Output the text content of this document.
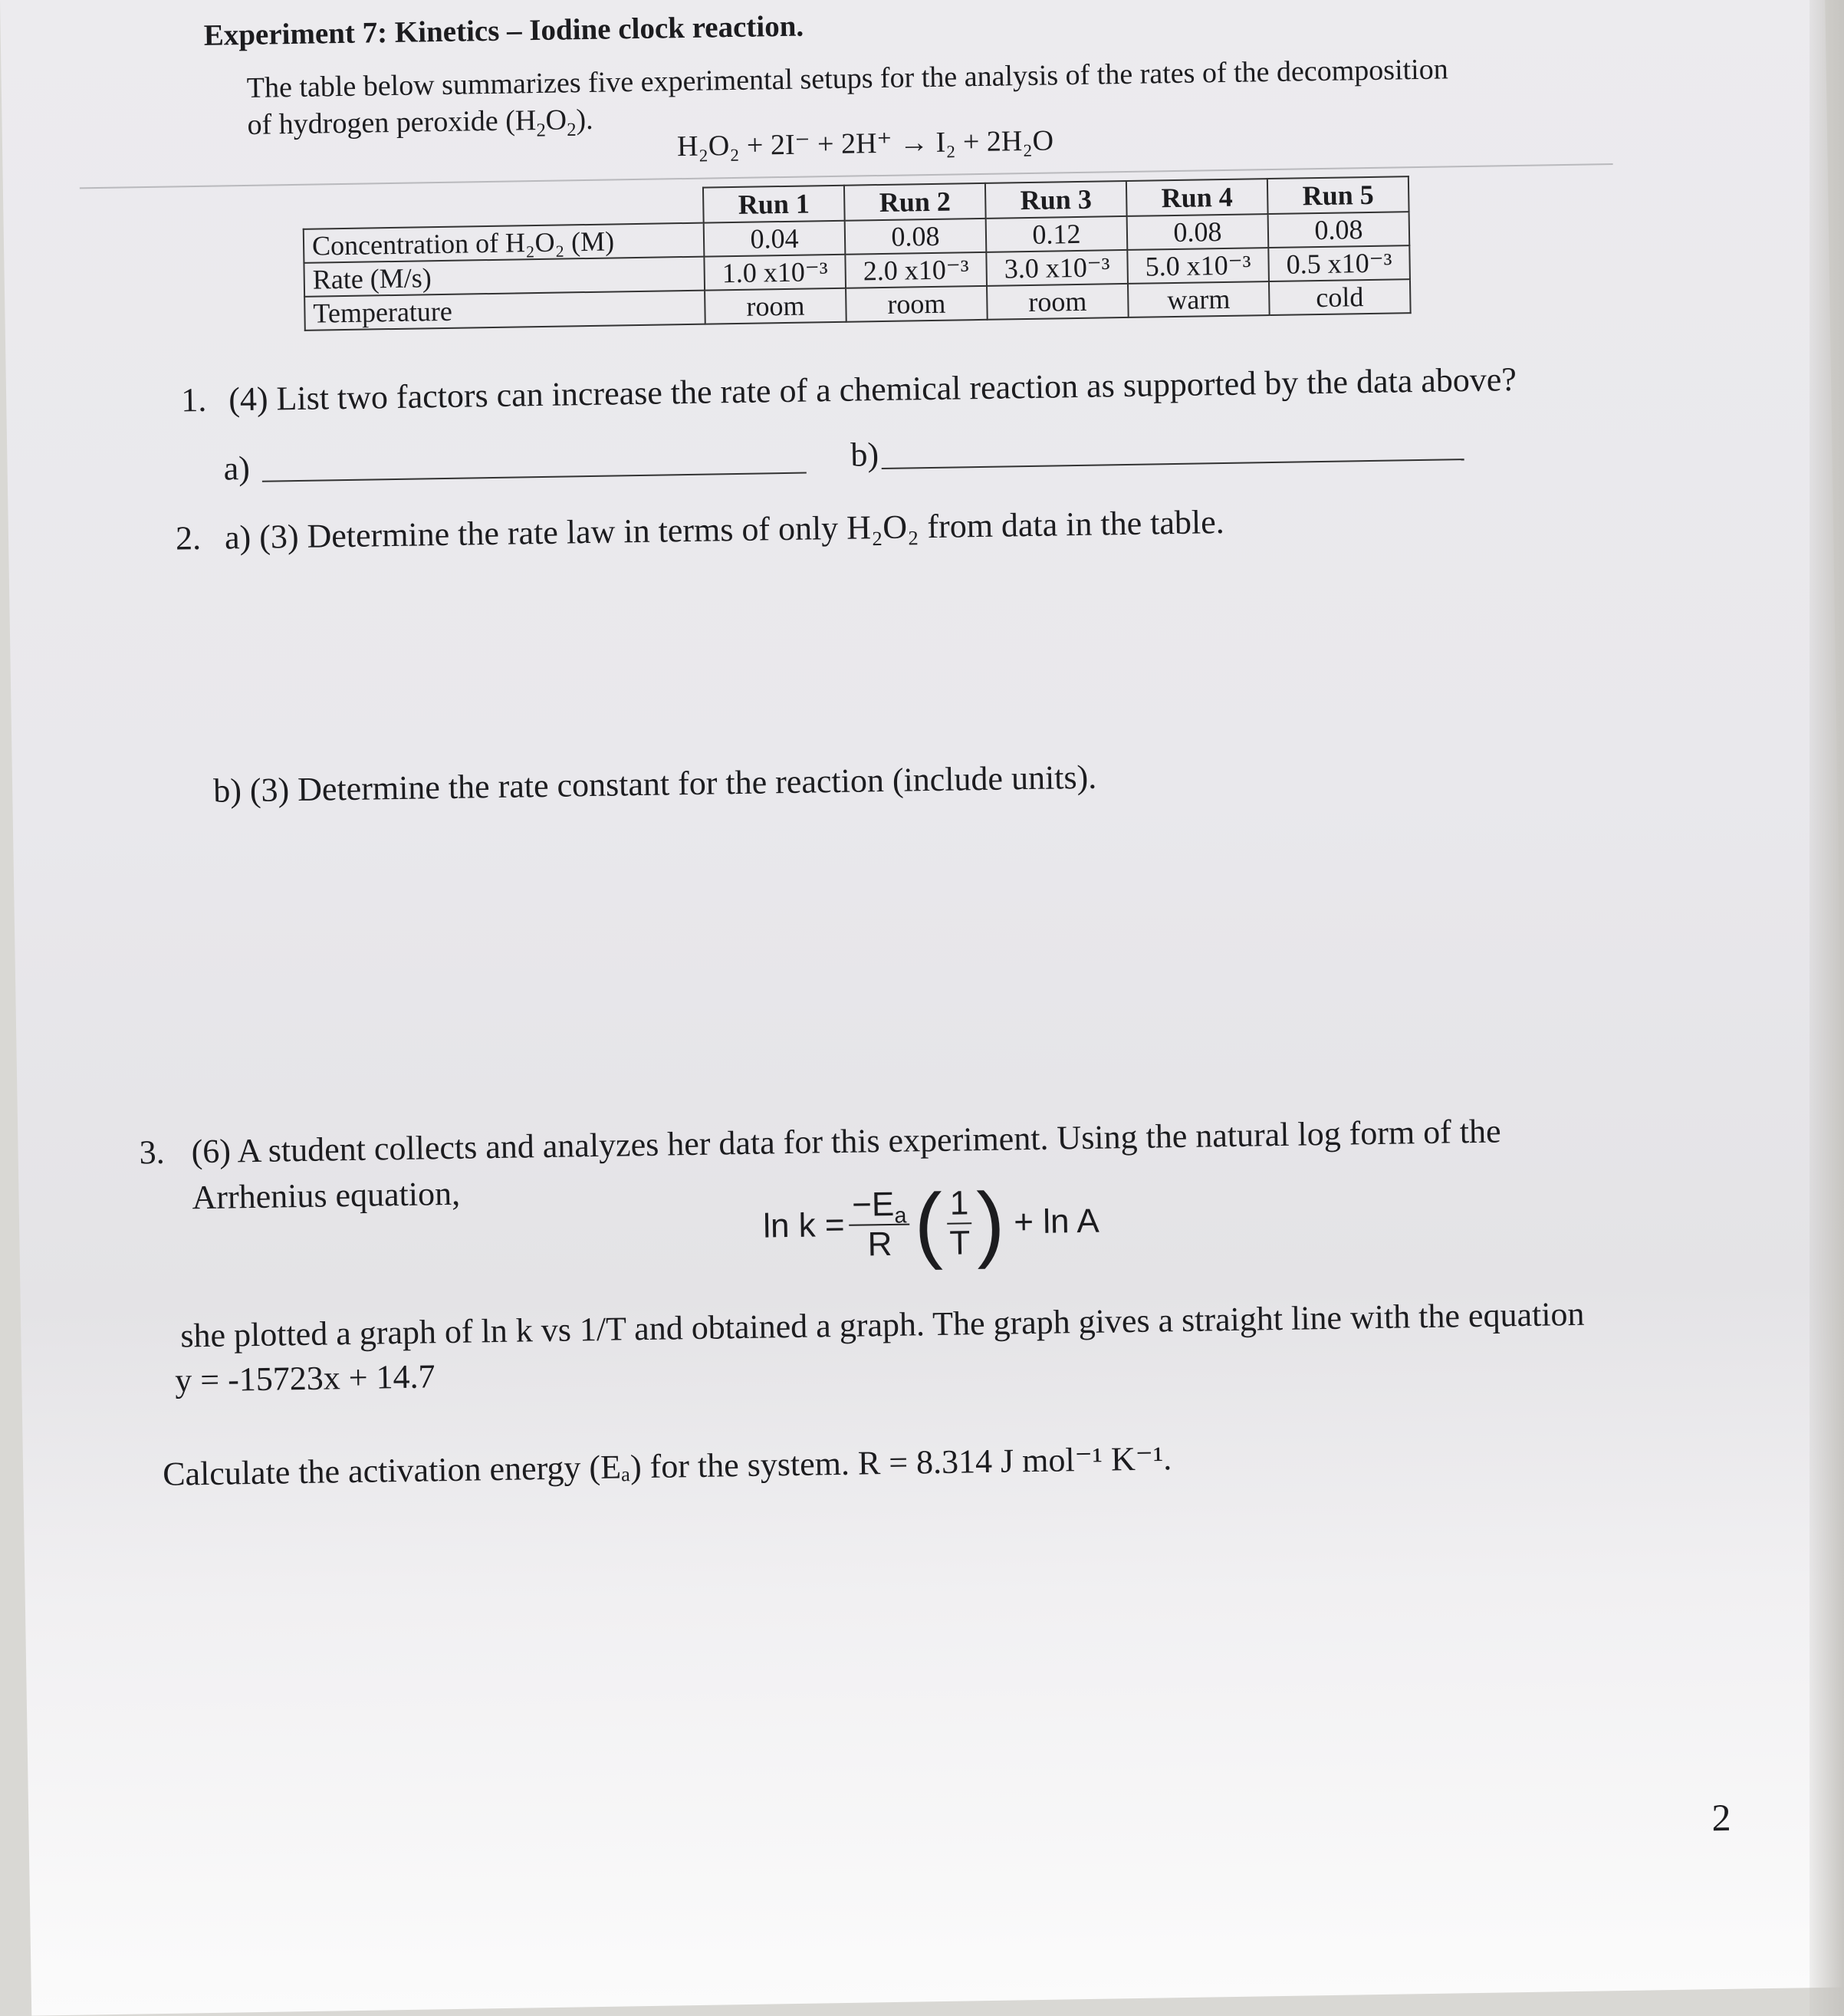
Experiment 7: Kinetics – Iodine clock reaction.
The table below summarizes five experimental setups for the analysis of the rates of the decomposition
of hydrogen peroxide $(H_2O_2)$.
H₂O₂ + 2I⁻ + 2H⁺ → I₂ + 2H₂O
	Run 1	Run 2	Run 3	Run 4	Run 5
Concentration of H₂O₂ (M)	0.04	0.08	0.12	0.08	0.08
Rate (M/s)	1.0 x10⁻³	2.0 x10⁻³	3.0 x10⁻³	5.0 x10⁻³	0.5 x10⁻³
Temperature	room	room	room	warm	cold
1. (4) List two factors can increase the rate of a chemical reaction as supported by the data above?
a)	b)
2. a) (3) Determine the rate law in terms of only H₂O₂ from data in the table.
b) (3) Determine the rate constant for the reaction (include units).
3. (6) A student collects and analyzes her data for this experiment. Using the natural log form of the
Arrhenius equation,
$\ln k = \frac{-E_a}{R}$ ( $\frac{1}{T}$ ) + ln A
she plotted a graph of ln k vs 1/T and obtained a graph. The graph gives a straight line with the equation
y = -15723x + 14.7
Calculate the activation energy (Eₐ) for the system. R = 8.314 J mol⁻¹ K⁻¹.
2
